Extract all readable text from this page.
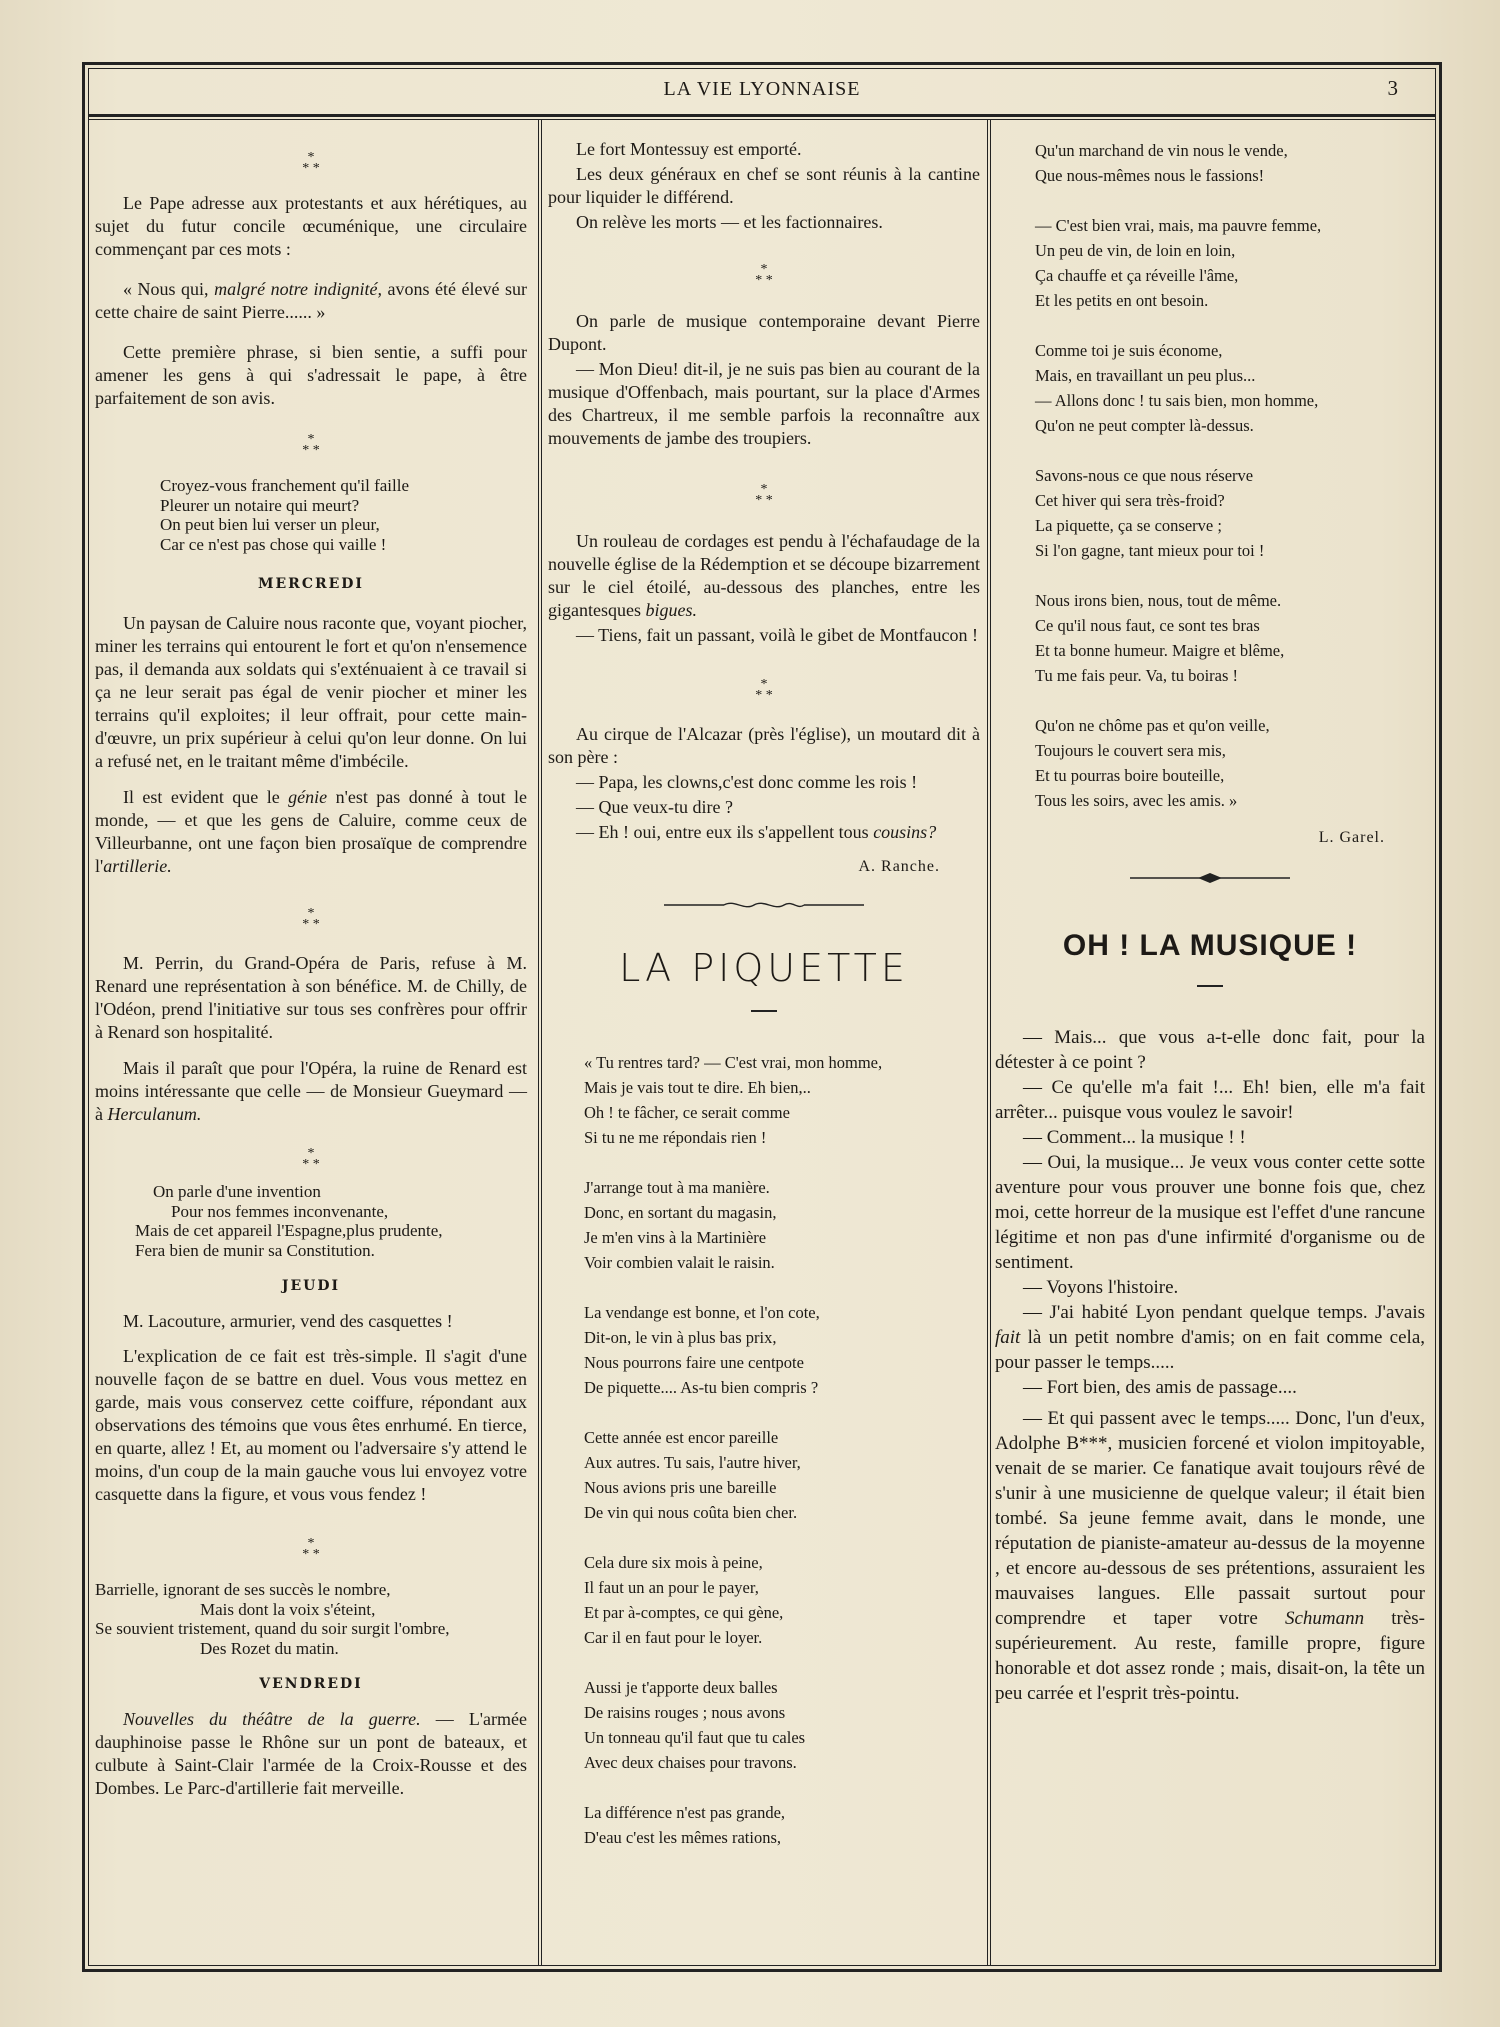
LA VIE LYONNAISE	3
*
* *

Le Pape adresse aux protestants et aux hérétiques, au sujet du futur concile œcuménique, une circulaire commençant par ces mots :

« Nous qui, malgré notre indignité, avons été élevé sur cette chaire de saint Pierre...... »

Cette première phrase, si bien sentie, a suffi pour amener les gens à qui s'adressait le pape, à être parfaitement de son avis.

*
* *
Croyez-vous franchement qu'il faille
Pleurer un notaire qui meurt?
On peut bien lui verser un pleur,
Car ce n'est pas chose qui vaille !
MERCREDI

Un paysan de Caluire nous raconte que, voyant piocher, miner les terrains qui entourent le fort et qu'on n'ensemence pas, il demanda aux soldats qui s'exténuaient à ce travail si ça ne leur serait pas égal de venir piocher et miner les terrains qu'il exploites; il leur offrait, pour cette main-d'œuvre, un prix supérieur à celui qu'on leur donne. On lui a refusé net, en le traitant même d'imbécile.

Il est evident que le génie n'est pas donné à tout le monde, — et que les gens de Caluire, comme ceux de Villeurbanne, ont une façon bien prosaïque de comprendre l'artillerie.

*
* *

M. Perrin, du Grand-Opéra de Paris, refuse à M. Renard une représentation à son bénéfice. M. de Chilly, de l'Odéon, prend l'initiative sur tous ses confrères pour offrir à Renard son hospitalité.

Mais il paraît que pour l'Opéra, la ruine de Renard est moins intéressante que celle — de Monsieur Gueymard — à Herculanum.

*
* *
On parle d'une invention
Pour nos femmes inconvenante,
Mais de cet appareil l'Espagne,plus prudente,
Fera bien de munir sa Constitution.
JEUDI

M. Lacouture, armurier, vend des casquettes !

L'explication de ce fait est très-simple. Il s'agit d'une nouvelle façon de se battre en duel. Vous vous mettez en garde, mais vous conservez cette coiffure, répondant aux observations des témoins que vous êtes enrhumé. En tierce, en quarte, allez ! Et, au moment ou l'adversaire s'y attend le moins, d'un coup de la main gauche vous lui envoyez votre casquette dans la figure, et vous vous fendez !

*
* *
Barrielle, ignorant de ses succès le nombre,
Mais dont la voix s'éteint,
Se souvient tristement, quand du soir surgit l'ombre,
Des Rozet du matin.
VENDREDI

Nouvelles du théâtre de la guerre. — L'armée dauphinoise passe le Rhône sur un pont de bateaux, et culbute à Saint-Clair l'armée de la Croix-Rousse et des Dombes. Le Parc-d'artillerie fait merveille.

Le fort Montessuy est emporté.

Les deux généraux en chef se sont réunis à la cantine pour liquider le différend.

On relève les morts — et les factionnaires.

*
* *

On parle de musique contemporaine devant Pierre Dupont.

— Mon Dieu! dit-il, je ne suis pas bien au courant de la musique d'Offenbach, mais pourtant, sur la place d'Armes des Chartreux, il me semble parfois la reconnaître aux mouvements de jambe des troupiers.

*
* *

Un rouleau de cordages est pendu à l'échafaudage de la nouvelle église de la Rédemption et se découpe bizarrement sur le ciel étoilé, au-dessous des planches, entre les gigantesques bigues.

— Tiens, fait un passant, voilà le gibet de Montfaucon !

*
* *

Au cirque de l'Alcazar (près l'église), un moutard dit à son père :

— Papa, les clowns,c'est donc comme les rois !

— Que veux-tu dire ?

— Eh ! oui, entre eux ils s'appellent tous cousins?

A. Ranche.
LA PIQUETTE
« Tu rentres tard? — C'est vrai, mon homme,
Mais je vais tout te dire. Eh bien,..
Oh ! te fâcher, ce serait comme
Si tu ne me répondais rien !
J'arrange tout à ma manière.
Donc, en sortant du magasin,
Je m'en vins à la Martinière
Voir combien valait le raisin.
La vendange est bonne, et l'on cote,
Dit-on, le vin à plus bas prix,
Nous pourrons faire une centpote
De piquette.... As-tu bien compris ?
Cette année est encor pareille
Aux autres. Tu sais, l'autre hiver,
Nous avions pris une bareille
De vin qui nous coûta bien cher.
Cela dure six mois à peine,
Il faut un an pour le payer,
Et par à-comptes, ce qui gène,
Car il en faut pour le loyer.
Aussi je t'apporte deux balles
De raisins rouges ; nous avons
Un tonneau qu'il faut que tu cales
Avec deux chaises pour travons.
La différence n'est pas grande,
D'eau c'est les mêmes rations,
Qu'un marchand de vin nous le vende,
Que nous-mêmes nous le fassions!
— C'est bien vrai, mais, ma pauvre femme,
Un peu de vin, de loin en loin,
Ça chauffe et ça réveille l'âme,
Et les petits en ont besoin.
Comme toi je suis économe,
Mais, en travaillant un peu plus...
— Allons donc ! tu sais bien, mon homme,
Qu'on ne peut compter là-dessus.
Savons-nous ce que nous réserve
Cet hiver qui sera très-froid?
La piquette, ça se conserve ;
Si l'on gagne, tant mieux pour toi !
Nous irons bien, nous, tout de même.
Ce qu'il nous faut, ce sont tes bras
Et ta bonne humeur. Maigre et blême,
Tu me fais peur. Va, tu boiras !
Qu'on ne chôme pas et qu'on veille,
Toujours le couvert sera mis,
Et tu pourras boire bouteille,
Tous les soirs, avec les amis. »
L. Garel.
OH ! LA MUSIQUE !

— Mais... que vous a-t-elle donc fait, pour la détester à ce point ?

— Ce qu'elle m'a fait !... Eh! bien, elle m'a fait arrêter... puisque vous voulez le savoir!

— Comment... la musique ! !

— Oui, la musique... Je veux vous conter cette sotte aventure pour vous prouver une bonne fois que, chez moi, cette horreur de la musique est l'effet d'une rancune légitime et non pas d'une infirmité d'organisme ou de sentiment.

— Voyons l'histoire.

— J'ai habité Lyon pendant quelque temps. J'avais fait là un petit nombre d'amis; on en fait comme cela, pour passer le temps.....

— Fort bien, des amis de passage....

— Et qui passent avec le temps..... Donc, l'un d'eux, Adolphe B***, musicien forcené et violon impitoyable, venait de se marier. Ce fanatique avait toujours rêvé de s'unir à une musicienne de quelque valeur; il était bien tombé. Sa jeune femme avait, dans le monde, une réputation de pianiste-amateur au-dessus de la moyenne , et encore au-dessous de ses prétentions, assuraient les mauvaises langues. Elle passait surtout pour comprendre et taper votre Schumann très-supérieurement. Au reste, famille propre, figure honorable et dot assez ronde ; mais, disait-on, la tête un peu carrée et l'esprit très-pointu.
